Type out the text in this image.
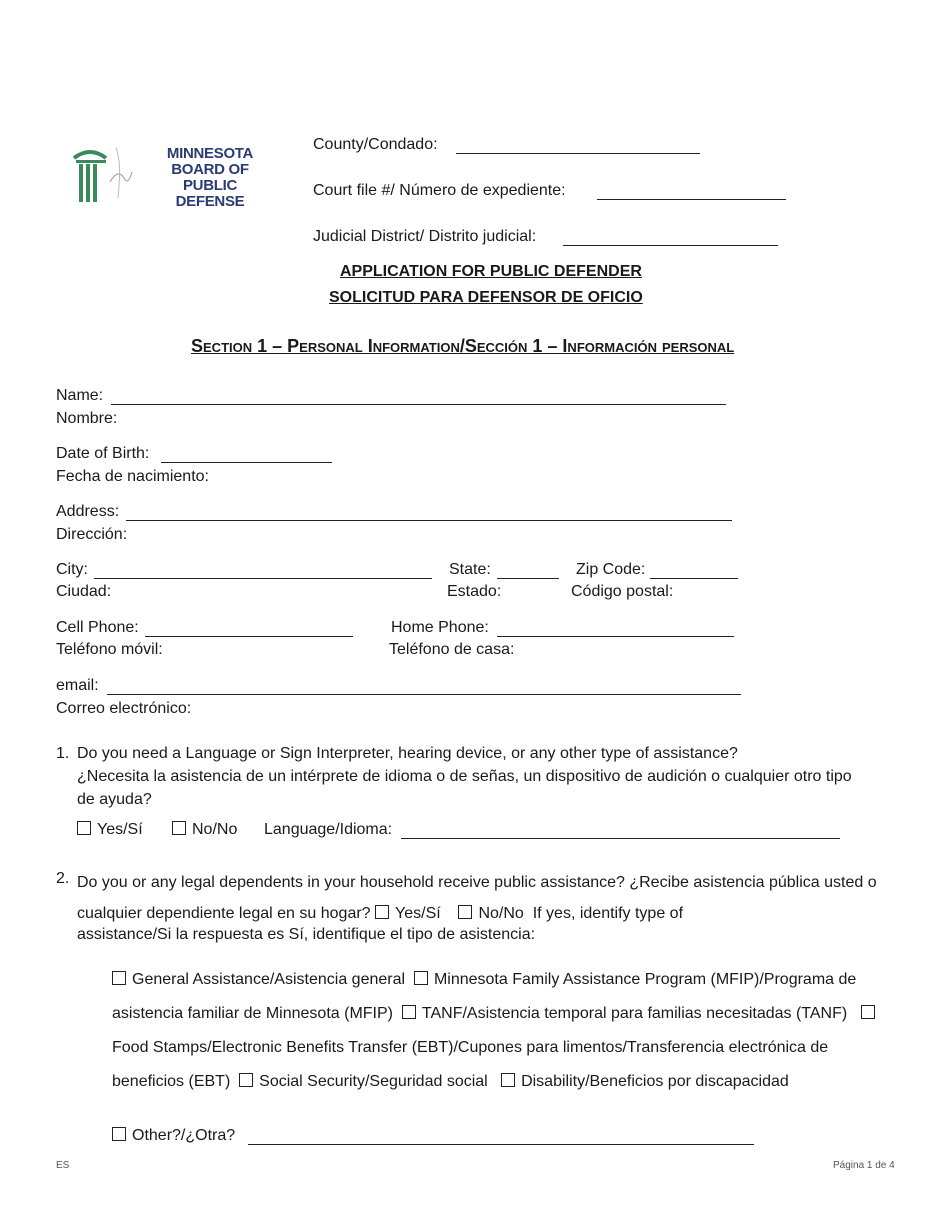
MINNESOTA
BOARD OF
PUBLIC DEFENSE
County/Condado:
Court file #/ Número de expediente:
Judicial District/ Distrito judicial:
APPLICATION FOR PUBLIC DEFENDER
SOLICITUD PARA DEFENSOR DE OFICIO
Section 1 – Personal Information/Sección 1 – Información personal
Name:
Nombre:
Date of Birth:
Fecha de nacimiento:
Address:
Dirección:
City:
Ciudad:
State:
Estado:
Zip Code:
Código postal:
Cell Phone:
Teléfono móvil:
Home Phone:
Teléfono de casa:
email:
Correo electrónico:
1. Do you need a Language or Sign Interpreter, hearing device, or any other type of assistance?
¿Necesita la asistencia de un intérprete de idioma o de señas, un dispositivo de audición o cualquier otro tipo de ayuda?
Yes/Sí	No/No Language/Idioma:
2. Do you or any legal dependents in your household receive public assistance? ¿Recibe asistencia pública usted o cualquier dependiente legal en su hogar? Yes/Sí No/No If yes, identify type of
assistance/Si la respuesta es Sí, identifique el tipo de asistencia:
General Assistance/Asistencia general Minnesota Family Assistance Program (MFIP)/Programa de asistencia familiar de Minnesota (MFIP) TANF/Asistencia temporal para familias necesitadas (TANF)   Food Stamps/Electronic Benefits Transfer (EBT)/Cupones para limentos/Transferencia electrónica de beneficios (EBT) Social Security/Seguridad social Disability/Beneficios por discapacidad
Other?/¿Otra?
ES	Página 1 de 4
